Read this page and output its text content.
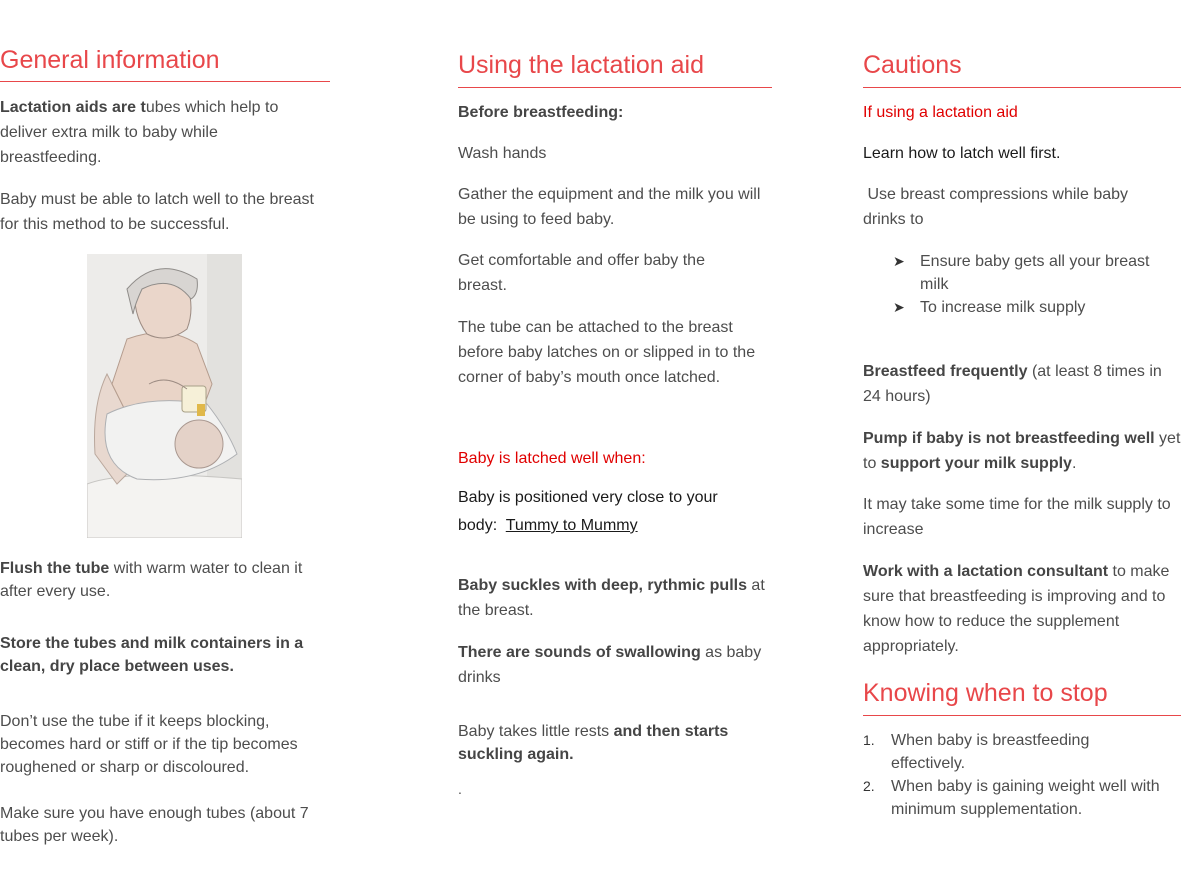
General information

Lactation aids are tubes which help to deliver extra milk to baby while breastfeeding.

Baby must be able to latch well to the breast for this method to be successful.

Flush the tube with warm water to clean it after every use.

Store the tubes and milk containers in a clean, dry place between uses.

Don’t use the tube if it keeps blocking, becomes hard or stiff or if the tip becomes roughened or sharp or discoloured.

Make sure you have enough tubes (about 7 tubes per week).

Using the lactation aid

Before breastfeeding:

Wash hands

Gather the equipment and the milk you will be using to feed baby.

Get comfortable and offer baby the breast.

The tube can be attached to the breast before baby latches on or slipped in to the corner of baby’s mouth once latched.

Baby is latched well when:

Baby is positioned very close to your body:  Tummy to Mummy

Baby suckles with deep, rythmic pulls at the breast.

There are sounds of swallowing as baby drinks

Baby takes little rests and then starts suckling again.

.

Cautions

If using a lactation aid

Learn how to latch well first.

Use breast compressions while baby drinks to

➤ Ensure baby gets all your breast milk
➤ To increase milk supply

Breastfeed frequently (at least 8 times in 24 hours)

Pump if baby is not breastfeeding well yet to support your milk supply.

It may take some time for the milk supply to increase

Work with a lactation consultant to make sure that breastfeeding is improving and to know how to reduce the supplement appropriately.

Knowing when to stop
1. When baby is breastfeeding effectively.
2. When baby is gaining weight well with minimum supplementation.
